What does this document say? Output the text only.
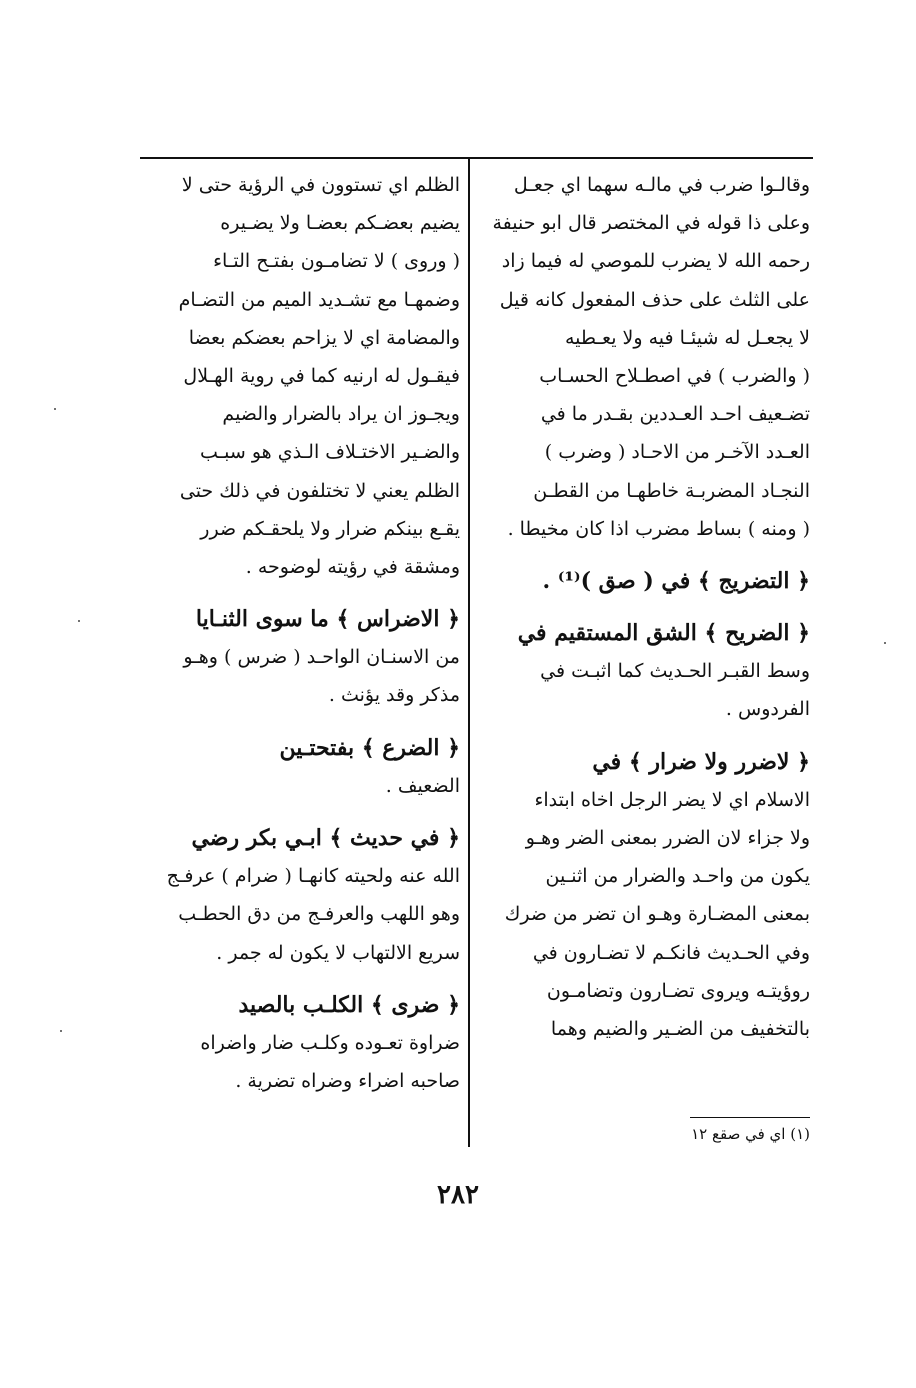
وقالـوا ضرب في مالـه سهما اي جعـل
وعلى ذا قوله في المختصر قال ابو حنيفة
رحمه الله لا يضرب للموصي له فيما زاد
على الثلث على حذف المفعول كانه قيل
لا يجعـل له شيئـا فيه ولا يعـطيه
( والضرب ) في اصطـلاح الحسـاب
تضـعيف احـد العـددين بقـدر ما في
العـدد الآخـر من الاحـاد ( وضرب )
النجـاد المضربـة خاطهـا من القطـن
( ومنه ) بساط مضرب اذا كان مخيطا .
﴿ التضريج ﴾ في ( صق )⁽¹⁾ .
﴿ الضريح ﴾ الشق المستقيم في
وسط القبـر الحـديث كما اثبـت في
الفردوس .
﴿ لاضرر ولا ضرار ﴾ في
الاسلام اي لا يضر الرجل اخاه ابتداء
ولا جزاء لان الضرر بمعنى الضر وهـو
يكون من واحـد والضرار من اثنـين
بمعنى المضـارة وهـو ان تضر من ضرك
وفي الحـديث فانكـم لا تضـارون في
روؤيتـه ويروى تضـارون وتضامـون
بالتخفيف من الضـير والضيم وهما
الظلم اي تستوون في الرؤية حتى لا
يضيم بعضـكم بعضـا ولا يضـيره
( وروى ) لا تضامـون بفتـح التـاء
وضمهـا مع تشـديد الميم من التضـام
والمضامة اي لا يزاحم بعضكم بعضا
فيقـول له ارنيه كما في روية الهـلال
ويجـوز ان يراد بالضرار والضيم
والضـير الاختـلاف الـذي هو سبـب
الظلم يعني لا تختلفون في ذلك حتى
يقـع بينكم ضرار ولا يلحقـكم ضرر
ومشقة في رؤيته لوضوحه .
﴿ الاضراس ﴾ ما سوى الثنـايا
من الاسنـان الواحـد ( ضرس ) وهـو
مذكر وقد يؤنث .
﴿ الضرع ﴾ بفتحتـين
الضعيف .
﴿ في حديث ﴾ ابـي بكر رضي
الله عنه ولحيته كانهـا ( ضرام ) عرفـج
وهو اللهب والعرفـج من دق الحطـب
سريع الالتهاب لا يكون له جمر .
﴿ ضرى ﴾ الكلـب بالصيد
ضراوة تعـوده وكلـب ضار واضراه
صاحبه اضراء وضراه تضرية .
(١) اي في صقع ١٢
٢٨٢
